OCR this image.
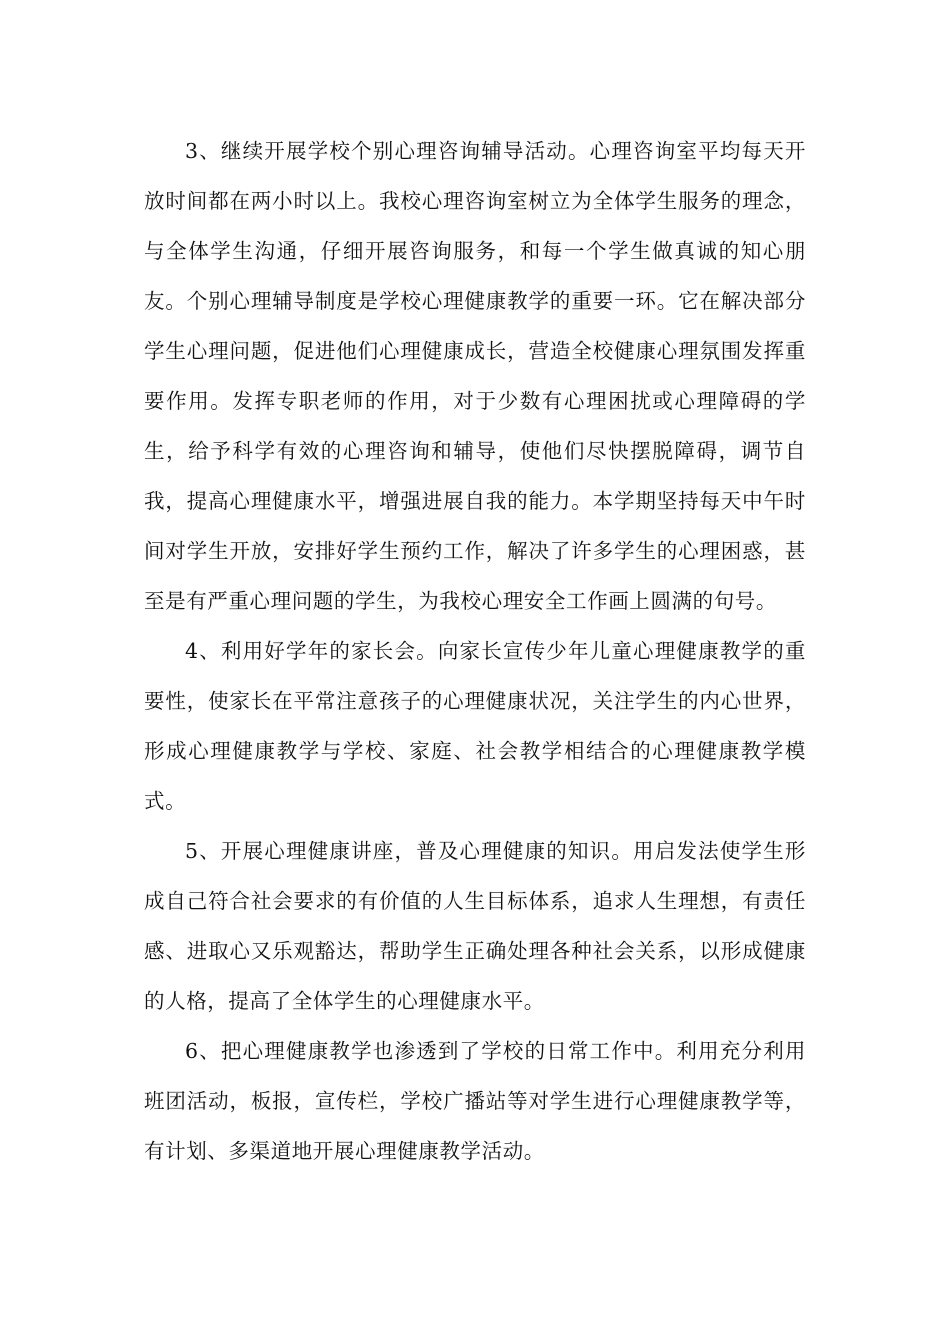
3、继续开展学校个别心理咨询辅导活动。心理咨询室平均每天开放时间都在两小时以上。我校心理咨询室树立为全体学生服务的理念，与全体学生沟通，仔细开展咨询服务，和每一个学生做真诚的知心朋友。个别心理辅导制度是学校心理健康教学的重要一环。它在解决部分学生心理问题，促进他们心理健康成长，营造全校健康心理氛围发挥重要作用。发挥专职老师的作用，对于少数有心理困扰或心理障碍的学生，给予科学有效的心理咨询和辅导，使他们尽快摆脱障碍，调节自我，提高心理健康水平，增强进展自我的能力。本学期坚持每天中午时间对学生开放，安排好学生预约工作，解决了许多学生的心理困惑，甚至是有严重心理问题的学生，为我校心理安全工作画上圆满的句号。

4、利用好学年的家长会。向家长宣传少年儿童心理健康教学的重要性，使家长在平常注意孩子的心理健康状况，关注学生的内心世界，形成心理健康教学与学校、家庭、社会教学相结合的心理健康教学模式。

5、开展心理健康讲座，普及心理健康的知识。用启发法使学生形成自己符合社会要求的有价值的人生目标体系，追求人生理想，有责任感、进取心又乐观豁达，帮助学生正确处理各种社会关系，以形成健康的人格，提高了全体学生的心理健康水平。

6、把心理健康教学也渗透到了学校的日常工作中。利用充分利用班团活动，板报，宣传栏，学校广播站等对学生进行心理健康教学等，有计划、多渠道地开展心理健康教学活动。
